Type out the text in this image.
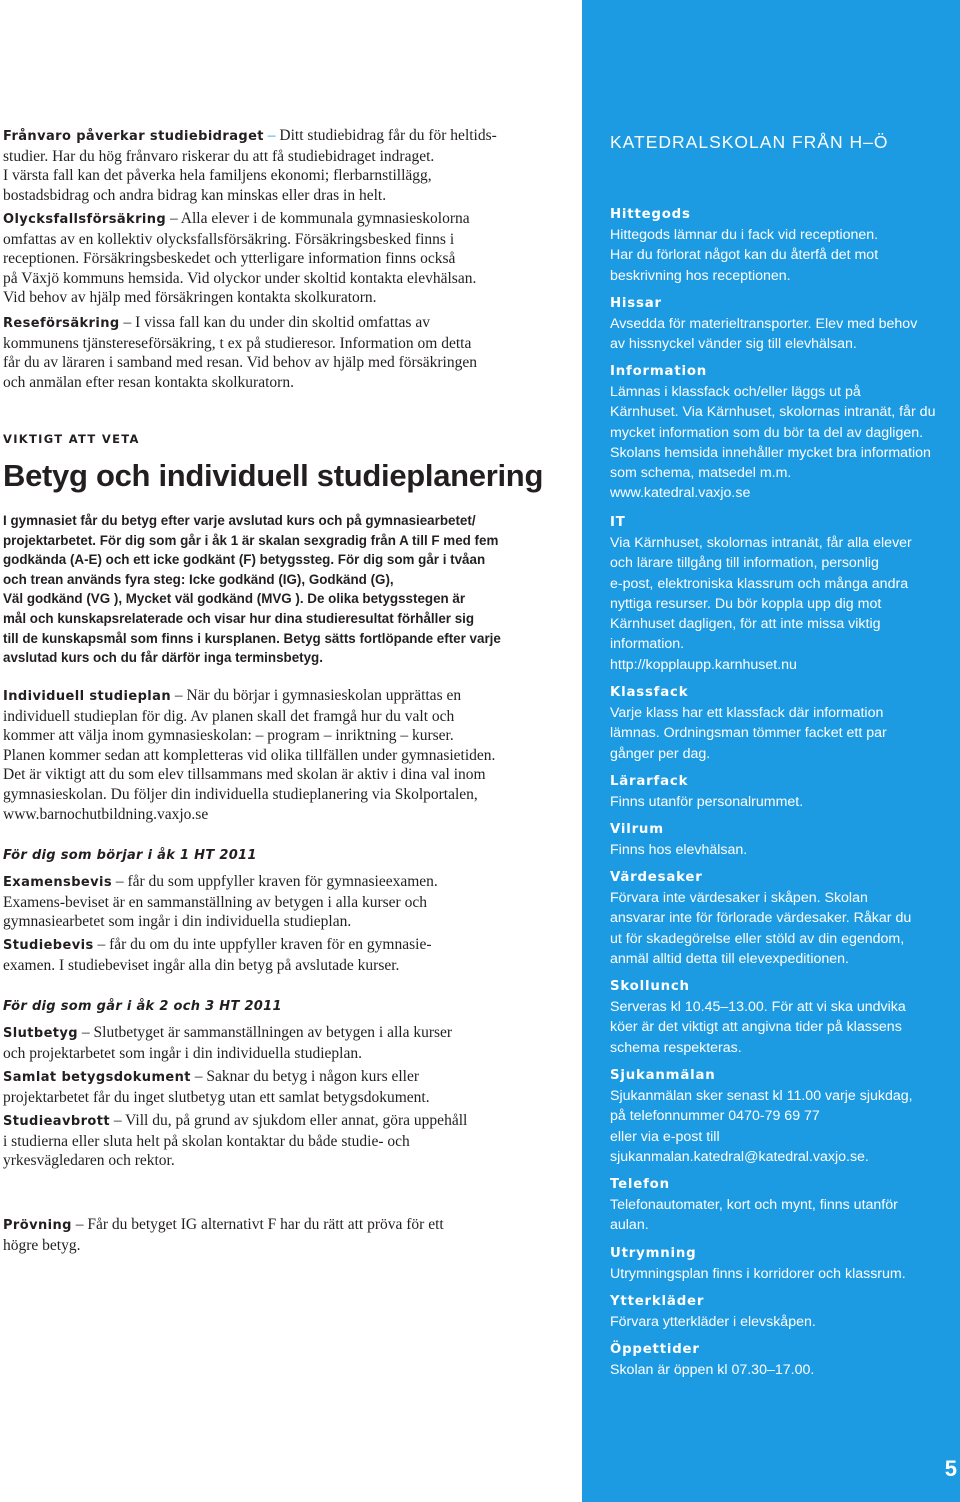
Frånvaro påverkar studiebidraget – Ditt studiebidrag får du för heltids-
studier. Har du hög frånvaro riskerar du att få studiebidraget indraget.
I värsta fall kan det påverka hela familjens ekonomi; flerbarnstillägg,
bostadsbidrag och andra bidrag kan minskas eller dras in helt.

Olycksfallsförsäkring – Alla elever i de kommunala gymnasieskolorna
omfattas av en kollektiv olycksfallsförsäkring. Försäkringsbesked finns i
receptionen. Försäkringsbeskedet och ytterligare information finns också
på Växjö kommuns hemsida. Vid olyckor under skoltid kontakta elevhälsan.
Vid behov av hjälp med försäkringen kontakta skolkuratorn.

Reseförsäkring – I vissa fall kan du under din skoltid omfattas av
kommunens tjänstereseförsäkring, t ex på studieresor. Information om detta
får du av läraren i samband med resan. Vid behov av hjälp med försäkringen
och anmälan efter resan kontakta skolkuratorn.

VIKTIGT ATT VETA

Betyg och individuell studieplanering

I gymnasiet får du betyg efter varje avslutad kurs och på gymnasiearbetet/
projektarbetet. För dig som går i åk 1 är skalan sexgradig från A till F med fem
godkända (A-E) och ett icke godkänt (F) betygssteg. För dig som går i tvåan
och trean används fyra steg: Icke godkänd (IG), Godkänd (G),
Väl godkänd (VG ), Mycket väl godkänd (MVG ). De olika betygsstegen är
mål och kunskapsrelaterade och visar hur dina studieresultat förhåller sig
till de kunskapsmål som finns i kursplanen. Betyg sätts fortlöpande efter varje
avslutad kurs och du får därför inga terminsbetyg.

Individuell studieplan – När du börjar i gymnasieskolan upprättas en
individuell studieplan för dig. Av planen skall det framgå hur du valt och
kommer att välja inom gymnasieskolan: – program – inriktning – kurser.
Planen kommer sedan att kompletteras vid olika tillfällen under gymnasietiden.
Det är viktigt att du som elev tillsammans med skolan är aktiv i dina val inom
gymnasieskolan. Du följer din individuella studieplanering via Skolportalen,
www.barnochutbildning.vaxjo.se

För dig som börjar i åk 1 HT 2011

Examensbevis – får du som uppfyller kraven för gymnasieexamen.
Examens-beviset är en sammanställning av betygen i alla kurser och
gymnasiearbetet som ingår i din individuella studieplan.

Studiebevis – får du om du inte uppfyller kraven för en gymnasie-
examen. I studiebeviset ingår alla din betyg på avslutade kurser.

För dig som går i åk 2 och 3 HT 2011

Slutbetyg – Slutbetyget är sammanställningen av betygen i alla kurser
och projektarbetet som ingår i din individuella studieplan.

Samlat betygsdokument – Saknar du betyg i någon kurs eller
projektarbetet får du inget slutbetyg utan ett samlat betygsdokument.

Studieavbrott – Vill du, på grund av sjukdom eller annat, göra uppehåll
i studierna eller sluta helt på skolan kontaktar du både studie- och
yrkesvägledaren och rektor.

Prövning – Får du betyget IG alternativt F har du rätt att pröva för ett
högre betyg.

KATEDRALSKOLAN FRÅN H–Ö
Hittegods
Hittegods lämnar du i fack vid receptionen.
Har du förlorat något kan du återfå det mot
beskrivning hos receptionen.
Hissar
Avsedda för materieltransporter. Elev med behov
av hissnyckel vänder sig till elevhälsan.
Information
Lämnas i klassfack och/eller läggs ut på
Kärnhuset. Via Kärnhuset, skolornas intranät, får du
mycket information som du bör ta del av dagligen.
Skolans hemsida innehåller mycket bra information
som schema, matsedel m.m.
www.katedral.vaxjo.se
IT
Via Kärnhuset, skolornas intranät, får alla elever
och lärare tillgång till information, personlig
e-post, elektroniska klassrum och många andra
nyttiga resurser. Du bör koppla upp dig mot
Kärnhuset dagligen, för att inte missa viktig
information.
http://kopplaupp.karnhuset.nu
Klassfack
Varje klass har ett klassfack där information
lämnas. Ordningsman tömmer facket ett par
gånger per dag.
Lärarfack
Finns utanför personalrummet.
Vilrum
Finns hos elevhälsan.
Värdesaker
Förvara inte värdesaker i skåpen. Skolan
ansvarar inte för förlorade värdesaker. Råkar du
ut för skadegörelse eller stöld av din egendom,
anmäl alltid detta till elevexpeditionen.
Skollunch
Serveras kl 10.45–13.00. För att vi ska undvika
köer är det viktigt att angivna tider på klassens
schema respekteras.
Sjukanmälan
Sjukanmälan sker senast kl 11.00 varje sjukdag,
på telefonnummer 0470-79 69 77
eller via e-post till
sjukanmalan.katedral@katedral.vaxjo.se.
Telefon
Telefonautomater, kort och mynt, finns utanför
aulan.
Utrymning
Utrymningsplan finns i korridorer och klassrum.
Ytterkläder
Förvara ytterkläder i elevskåpen.
Öppettider
Skolan är öppen kl 07.30–17.00.
5
